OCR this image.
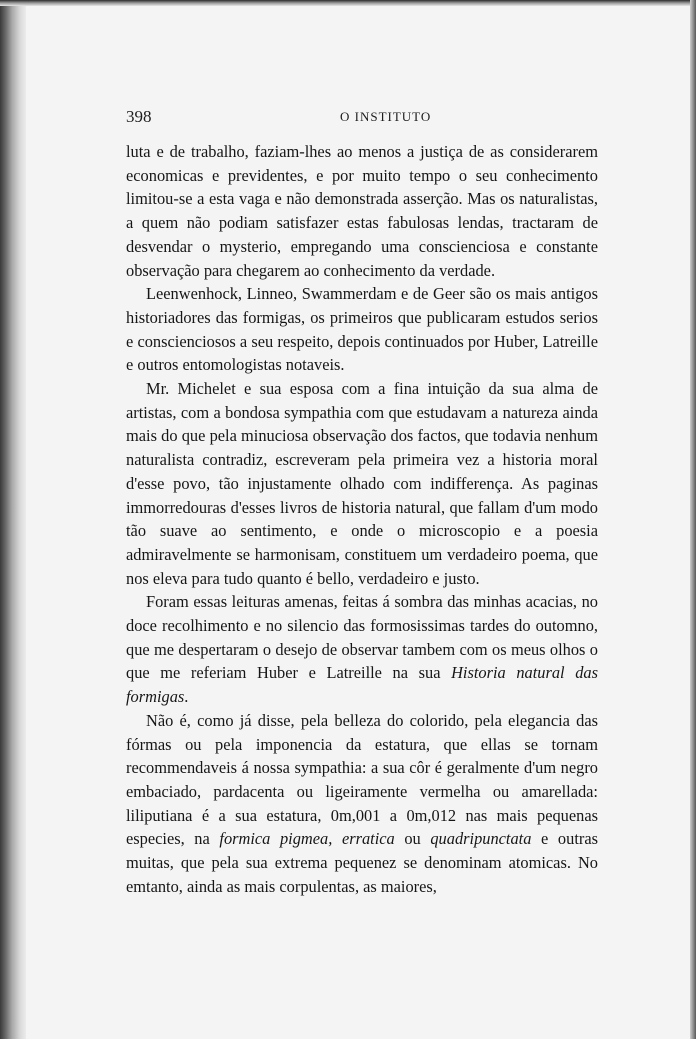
398	O INSTITUTO

luta e de trabalho, faziam-lhes ao menos a justiça de as considerarem economicas e previdentes, e por muito tempo o seu conhecimento limitou-se a esta vaga e não demonstrada asserção. Mas os naturalistas, a quem não podiam satisfazer estas fabulosas lendas, tractaram de desvendar o mysterio, empregando uma conscienciosa e constante observação para chegarem ao conhecimento da verdade.

Leenwenhock, Linneo, Swammerdam e de Geer são os mais antigos historiadores das formigas, os primeiros que publicaram estudos serios e conscienciosos a seu respeito, depois continuados por Huber, Latreille e outros entomologistas notaveis.

Mr. Michelet e sua esposa com a fina intuição da sua alma de artistas, com a bondosa sympathia com que estudavam a natureza ainda mais do que pela minuciosa observação dos factos, que todavia nenhum naturalista contradiz, escreveram pela primeira vez a historia moral d'esse povo, tão injustamente olhado com indifferença. As paginas immorredouras d'esses livros de historia natural, que fallam d'um modo tão suave ao sentimento, e onde o microscopio e a poesia admiravelmente se harmonisam, constituem um verdadeiro poema, que nos eleva para tudo quanto é bello, verdadeiro e justo.

Foram essas leituras amenas, feitas á sombra das minhas acacias, no doce recolhimento e no silencio das formosissimas tardes do outomno, que me despertaram o desejo de observar tambem com os meus olhos o que me referiam Huber e Latreille na sua Historia natural das formigas.

Não é, como já disse, pela belleza do colorido, pela elegancia das fórmas ou pela imponencia da estatura, que ellas se tornam recommendaveis á nossa sympathia: a sua côr é geralmente d'um negro embaciado, pardacenta ou ligeiramente vermelha ou amarellada: liliputiana é a sua estatura, 0m,001 a 0m,012 nas mais pequenas especies, na formica pigmea, erratica ou quadripunctata e outras muitas, que pela sua extrema pequenez se denominam atomicas. No emtanto, ainda as mais corpulentas, as maiores,
